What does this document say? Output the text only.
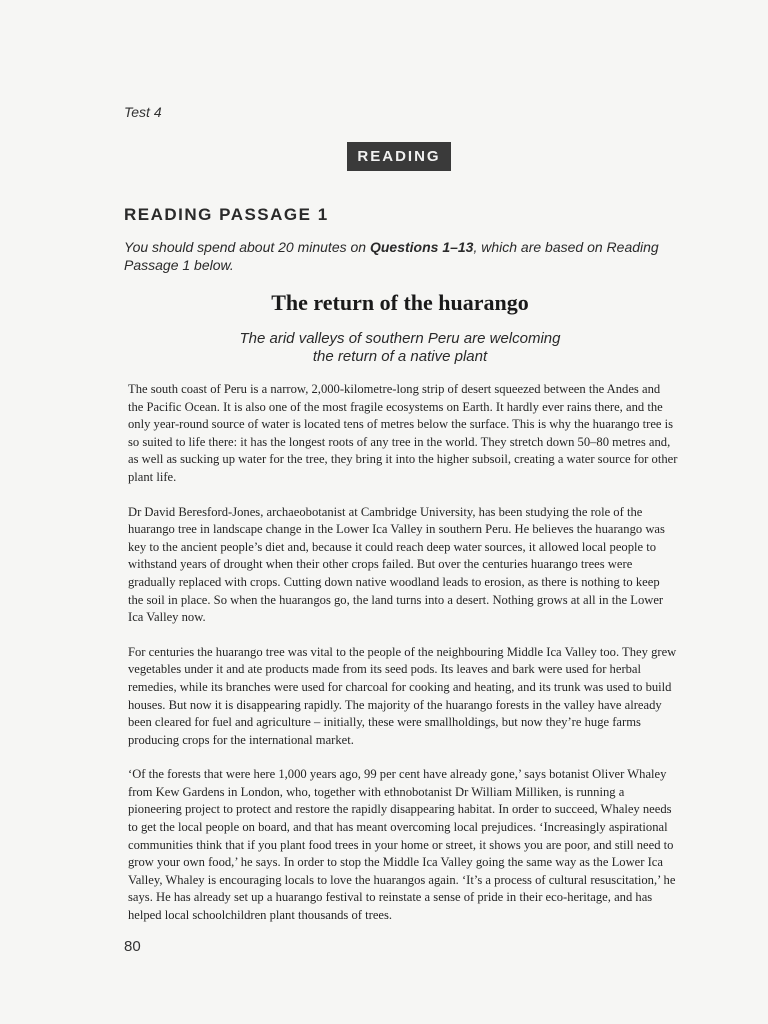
Test 4
READING
READING PASSAGE 1
You should spend about 20 minutes on Questions 1–13, which are based on Reading Passage 1 below.
The return of the huarango
The arid valleys of southern Peru are welcoming
the return of a native plant

The south coast of Peru is a narrow, 2,000-kilometre-long strip of desert squeezed between the Andes and the Pacific Ocean. It is also one of the most fragile ecosystems on Earth. It hardly ever rains there, and the only year-round source of water is located tens of metres below the surface. This is why the huarango tree is so suited to life there: it has the longest roots of any tree in the world. They stretch down 50–80 metres and, as well as sucking up water for the tree, they bring it into the higher subsoil, creating a water source for other plant life.

Dr David Beresford-Jones, archaeobotanist at Cambridge University, has been studying the role of the huarango tree in landscape change in the Lower Ica Valley in southern Peru. He believes the huarango was key to the ancient people’s diet and, because it could reach deep water sources, it allowed local people to withstand years of drought when their other crops failed. But over the centuries huarango trees were gradually replaced with crops. Cutting down native woodland leads to erosion, as there is nothing to keep the soil in place. So when the huarangos go, the land turns into a desert. Nothing grows at all in the Lower Ica Valley now.

For centuries the huarango tree was vital to the people of the neighbouring Middle Ica Valley too. They grew vegetables under it and ate products made from its seed pods. Its leaves and bark were used for herbal remedies, while its branches were used for charcoal for cooking and heating, and its trunk was used to build houses. But now it is disappearing rapidly. The majority of the huarango forests in the valley have already been cleared for fuel and agriculture – initially, these were smallholdings, but now they’re huge farms producing crops for the international market.

‘Of the forests that were here 1,000 years ago, 99 per cent have already gone,’ says botanist Oliver Whaley from Kew Gardens in London, who, together with ethnobotanist Dr William Milliken, is running a pioneering project to protect and restore the rapidly disappearing habitat. In order to succeed, Whaley needs to get the local people on board, and that has meant overcoming local prejudices. ‘Increasingly aspirational communities think that if you plant food trees in your home or street, it shows you are poor, and still need to grow your own food,’ he says. In order to stop the Middle Ica Valley going the same way as the Lower Ica Valley, Whaley is encouraging locals to love the huarangos again. ‘It’s a process of cultural resuscitation,’ he says. He has already set up a huarango festival to reinstate a sense of pride in their eco-heritage, and has helped local schoolchildren plant thousands of trees.

80
